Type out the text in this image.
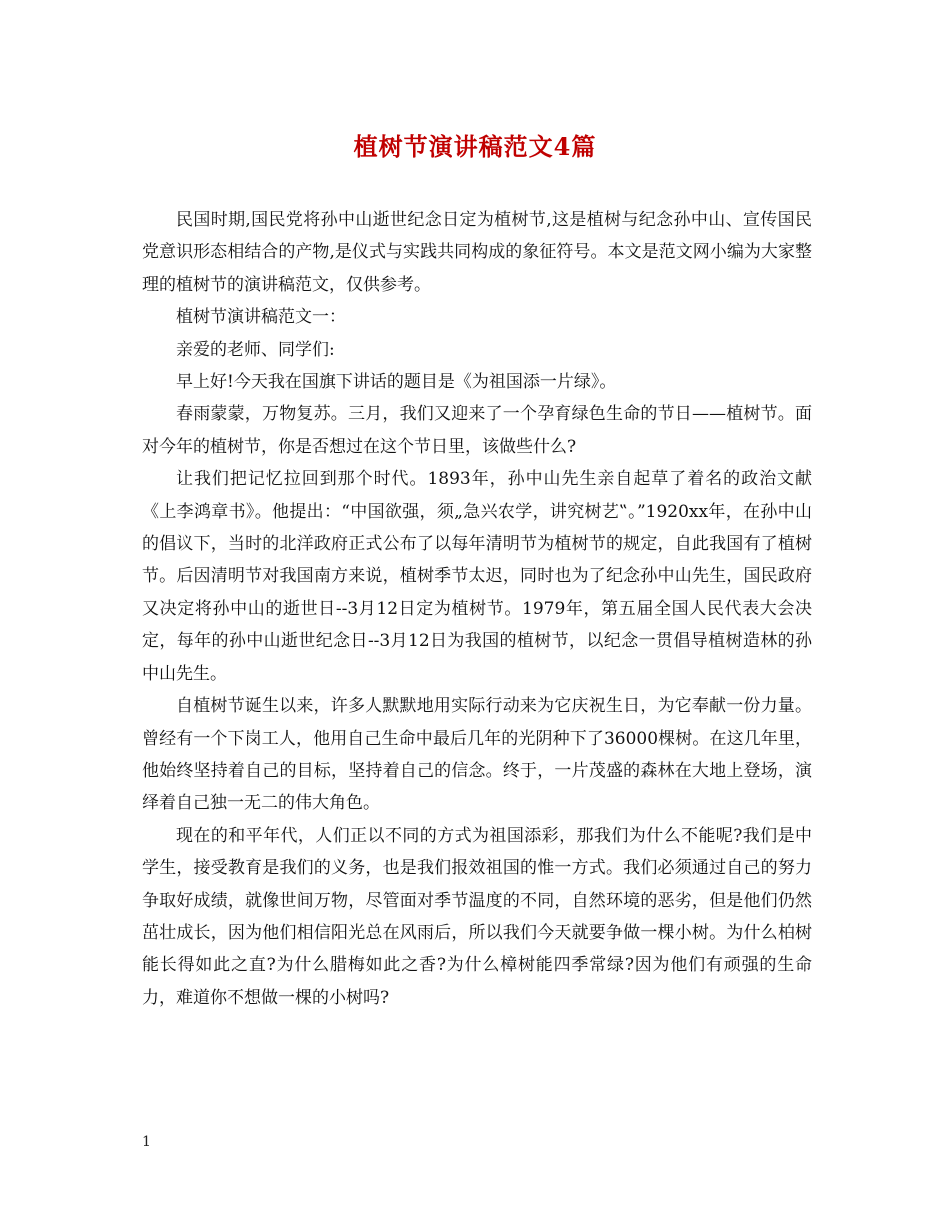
植树节演讲稿范文4篇

民国时期,国民党将孙中山逝世纪念日定为植树节,这是植树与纪念孙中山、宣传国民党意识形态相结合的产物,是仪式与实践共同构成的象征符号。本文是范文网小编为大家整理的植树节的演讲稿范文，仅供参考。

植树节演讲稿范文一：

亲爱的老师、同学们:

早上好!今天我在国旗下讲话的题目是《为祖国添一片绿》。

春雨蒙蒙，万物复苏。三月，我们又迎来了一个孕育绿色生命的节日——植树节。面对今年的植树节，你是否想过在这个节日里，该做些什么?

让我们把记忆拉回到那个时代。1893年，孙中山先生亲自起草了着名的政治文献《上李鸿章书》。他提出：“中国欲强，须„急兴农学，讲究树艺‟。”1920xx年，在孙中山的倡议下，当时的北洋政府正式公布了以每年清明节为植树节的规定，自此我国有了植树节。后因清明节对我国南方来说，植树季节太迟，同时也为了纪念孙中山先生，国民政府又决定将孙中山的逝世日--3月12日定为植树节。1979年，第五届全国人民代表大会决定，每年的孙中山逝世纪念日--3月12日为我国的植树节，以纪念一贯倡导植树造林的孙中山先生。

自植树节诞生以来，许多人默默地用实际行动来为它庆祝生日，为它奉献一份力量。曾经有一个下岗工人，他用自己生命中最后几年的光阴种下了36000棵树。在这几年里，他始终坚持着自己的目标，坚持着自己的信念。终于，一片茂盛的森林在大地上登场，演绎着自己独一无二的伟大角色。

现在的和平年代，人们正以不同的方式为祖国添彩，那我们为什么不能呢?我们是中学生，接受教育是我们的义务，也是我们报效祖国的惟一方式。我们必须通过自己的努力争取好成绩，就像世间万物，尽管面对季节温度的不同，自然环境的恶劣，但是他们仍然茁壮成长，因为他们相信阳光总在风雨后，所以我们今天就要争做一棵小树。为什么柏树能长得如此之直?为什么腊梅如此之香?为什么樟树能四季常绿?因为他们有顽强的生命力，难道你不想做一棵的小树吗?

1
